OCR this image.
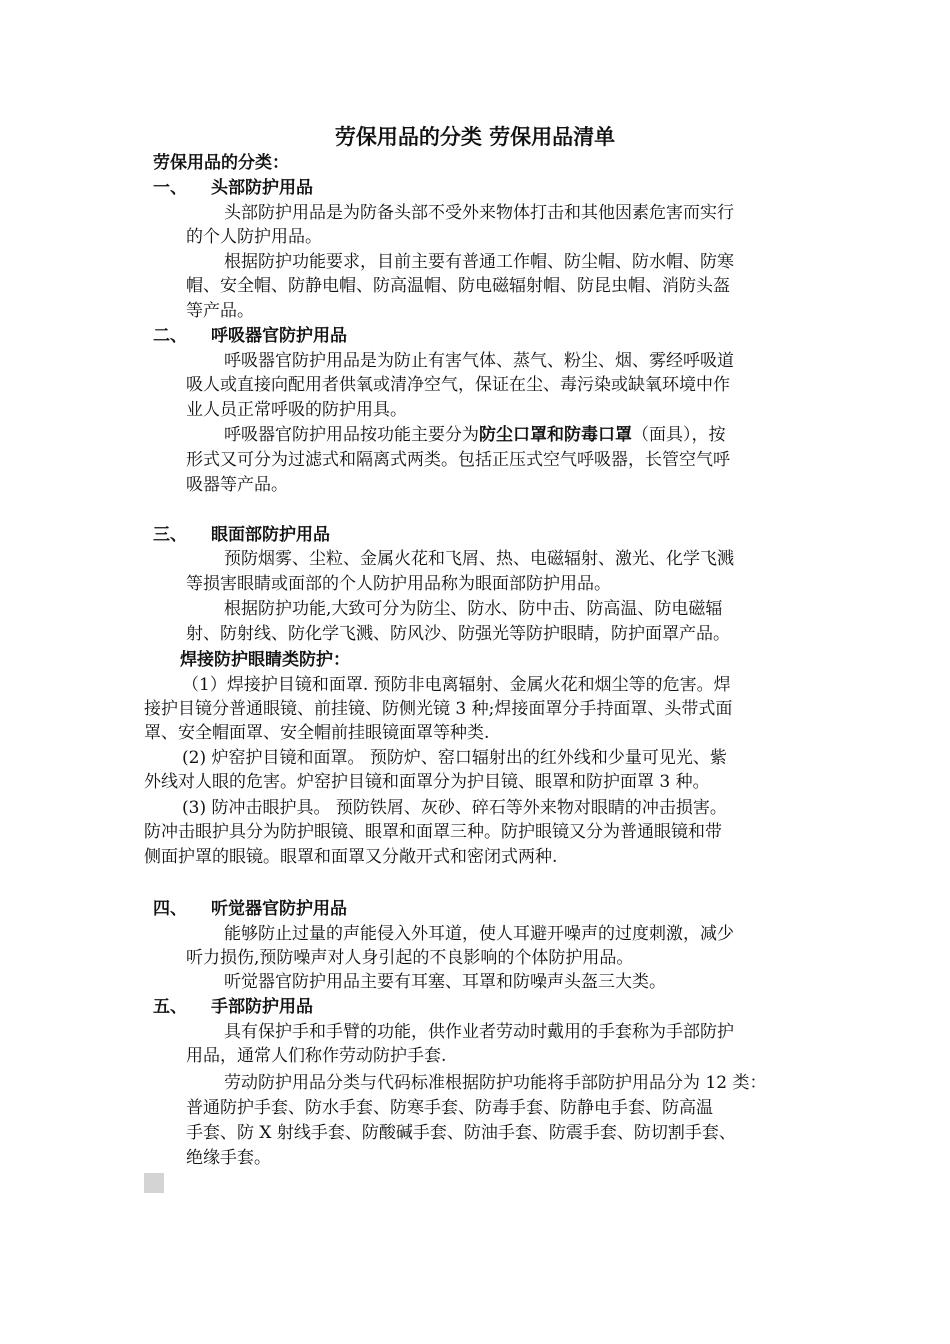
劳保用品的分类 劳保用品清单
劳保用品的分类：
一、 头部防护用品
头部防护用品是为防备头部不受外来物体打击和其他因素危害而实行
的个人防护用品。
根据防护功能要求，目前主要有普通工作帽、防尘帽、防水帽、防寒
帽、安全帽、防静电帽、防高温帽、防电磁辐射帽、防昆虫帽、消防头盔
等产品。
二、 呼吸器官防护用品
呼吸器官防护用品是为防止有害气体、蒸气、粉尘、烟、雾经呼吸道
吸人或直接向配用者供氧或清净空气，保证在尘、毒污染或缺氧环境中作
业人员正常呼吸的防护用具。
呼吸器官防护用品按功能主要分为防尘口罩和防毒口罩（面具），按
形式又可分为过滤式和隔离式两类。包括正压式空气呼吸器，长管空气呼
吸器等产品。
三、 眼面部防护用品
预防烟雾、尘粒、金属火花和飞屑、热、电磁辐射、激光、化学飞溅
等损害眼睛或面部的个人防护用品称为眼面部防护用品。
根据防护功能,大致可分为防尘、防水、防中击、防高温、防电磁辐
射、防射线、防化学飞溅、防风沙、防强光等防护眼睛，防护面罩产品。
焊接防护眼睛类防护：
（1）焊接护目镜和面罩. 预防非电离辐射、金属火花和烟尘等的危害。焊
接护目镜分普通眼镜、前挂镜、防侧光镜 3 种;焊接面罩分手持面罩、头带式面
罩、安全帽面罩、安全帽前挂眼镜面罩等种类.
(2) 炉窑护目镜和面罩。 预防炉、窑口辐射出的红外线和少量可见光、紫
外线对人眼的危害。炉窑护目镜和面罩分为护目镜、眼罩和防护面罩 3 种。
(3) 防冲击眼护具。 预防铁屑、灰砂、碎石等外来物对眼睛的冲击损害。
防冲击眼护具分为防护眼镜、眼罩和面罩三种。防护眼镜又分为普通眼镜和带
侧面护罩的眼镜。眼罩和面罩又分敞开式和密闭式两种.
四、 听觉器官防护用品
能够防止过量的声能侵入外耳道，使人耳避开噪声的过度刺激，减少
听力损伤,预防噪声对人身引起的不良影响的个体防护用品。
听觉器官防护用品主要有耳塞、耳罩和防噪声头盔三大类。
五、 手部防护用品
具有保护手和手臂的功能，供作业者劳动时戴用的手套称为手部防护
用品，通常人们称作劳动防护手套.
劳动防护用品分类与代码标准根据防护功能将手部防护用品分为 12 类：
普通防护手套、防水手套、防寒手套、防毒手套、防静电手套、防高温
手套、防 X 射线手套、防酸碱手套、防油手套、防震手套、防切割手套、
绝缘手套。
